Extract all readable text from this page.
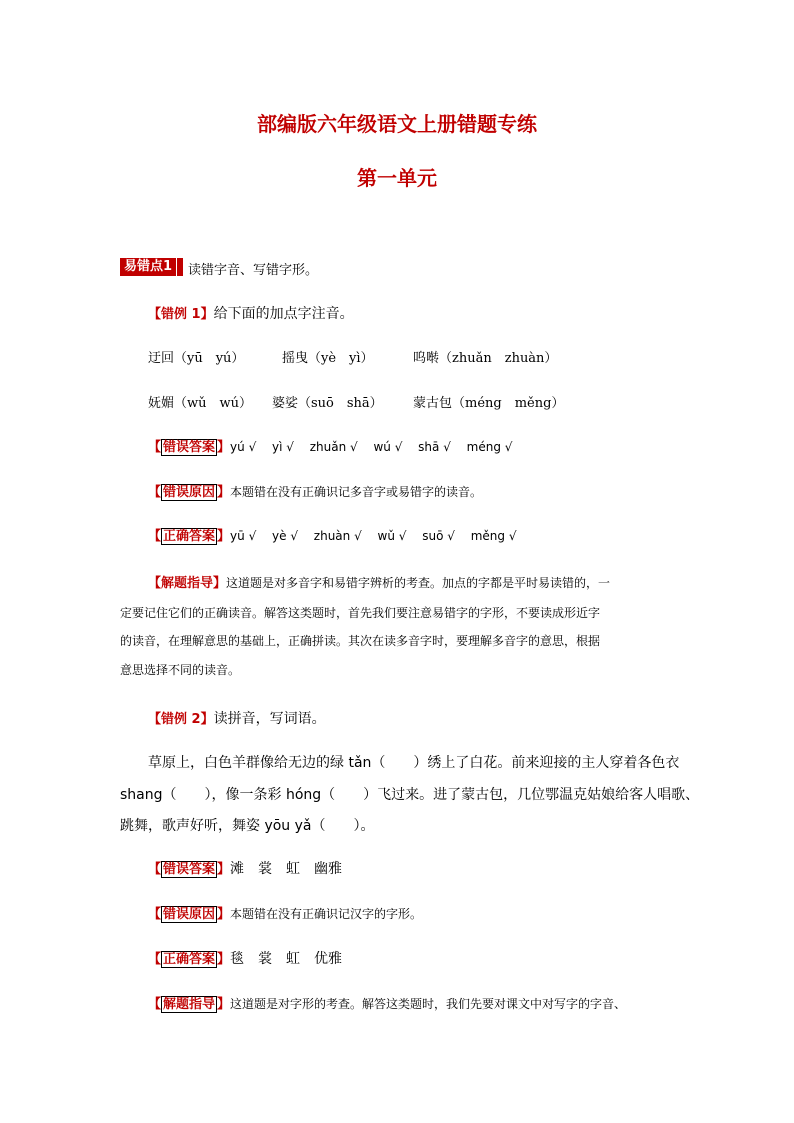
部编版六年级语文上册错题专练
第一单元
易错点1	读错字音、写错字形。
【错例 1】给下面的加点字注音。
迂回（yū　yú）	摇曳（yè　yì）	呜啭（zhuǎn　zhuàn）
妩媚（wǔ　wú） 婆娑（suō　shā） 蒙古包（méng　měng）
【 错误答案 】yú √　 yì √　 zhuǎn √　 wú √　 shā √　 méng √
【 错误原因 】本题错在没有正确识记多音字或易错字的读音。
【 正确答案 】yū √　 yè √　 zhuàn √　 wǔ √　 suō √　 měng √
【解题指导】这道题是对多音字和易错字辨析的考查。加点的字都是平时易读错的，一
定要记住它们的正确读音。解答这类题时，首先我们要注意易错字的字形，不要读成形近字
的读音，在理解意思的基础上，正确拼读。其次在读多音字时，要理解多音字的意思，根据
意思选择不同的读音。
【错例 2】读拼音，写词语。
草原上，白色羊群像给无边的绿 tǎn（　　）绣上了白花。前来迎接的主人穿着各色衣
shang（　　），像一条彩 hóng（　　）飞过来。进了蒙古包，几位鄂温克姑娘给客人唱歌、
跳舞，歌声好听，舞姿 yōu yǎ（　　）。
【 错误答案 】滩　裳　虹　幽雅
【 错误原因 】本题错在没有正确识记汉字的字形。
【 正确答案 】毯　裳　虹　优雅
【 解题指导 】这道题是对字形的考查。解答这类题时，我们先要对课文中对写字的字音、
